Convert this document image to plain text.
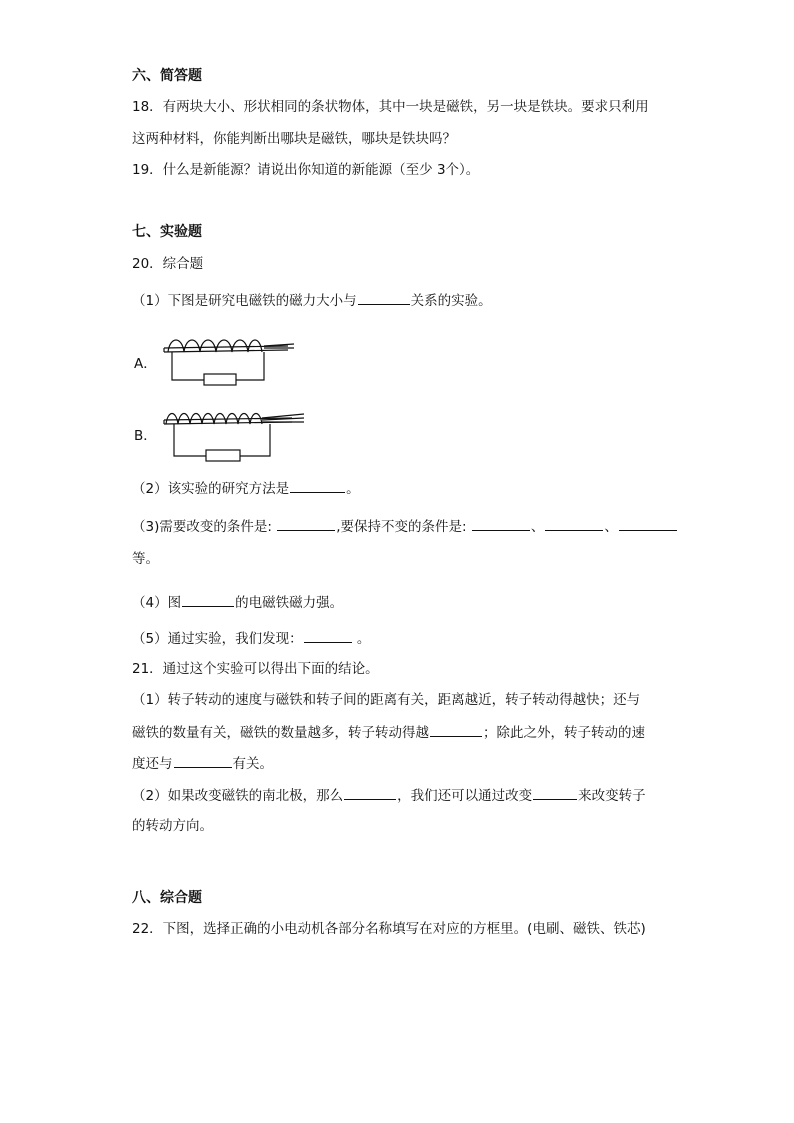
六、简答题
18．有两块大小、形状相同的条状物体，其中一块是磁铁，另一块是铁块。要求只利用
这两种材料，你能判断出哪块是磁铁，哪块是铁块吗？
19．什么是新能源？请说出你知道的新能源（至少 3个）。
七、实验题
20．综合题
（1）下图是研究电磁铁的磁力大小与	关系的实验。
A．
B．
（2）该实验的研究方法是	。
（3)需要改变的条件是:	,要保持不变的条件是:	、	、
等。
（4）图	的电磁铁磁力强。
（5）通过实验，我们发现：	。
21．通过这个实验可以得出下面的结论。
（1）转子转动的速度与磁铁和转子间的距离有关，距离越近，转子转动得越快；还与
磁铁的数量有关，磁铁的数量越多，转子转动得越	；除此之外，转子转动的速
度还与	有关。
（2）如果改变磁铁的南北极，那么	，我们还可以通过改变	来改变转子
的转动方向。
八、综合题
22．下图，选择正确的小电动机各部分名称填写在对应的方框里。(电刷、磁铁、铁芯)
